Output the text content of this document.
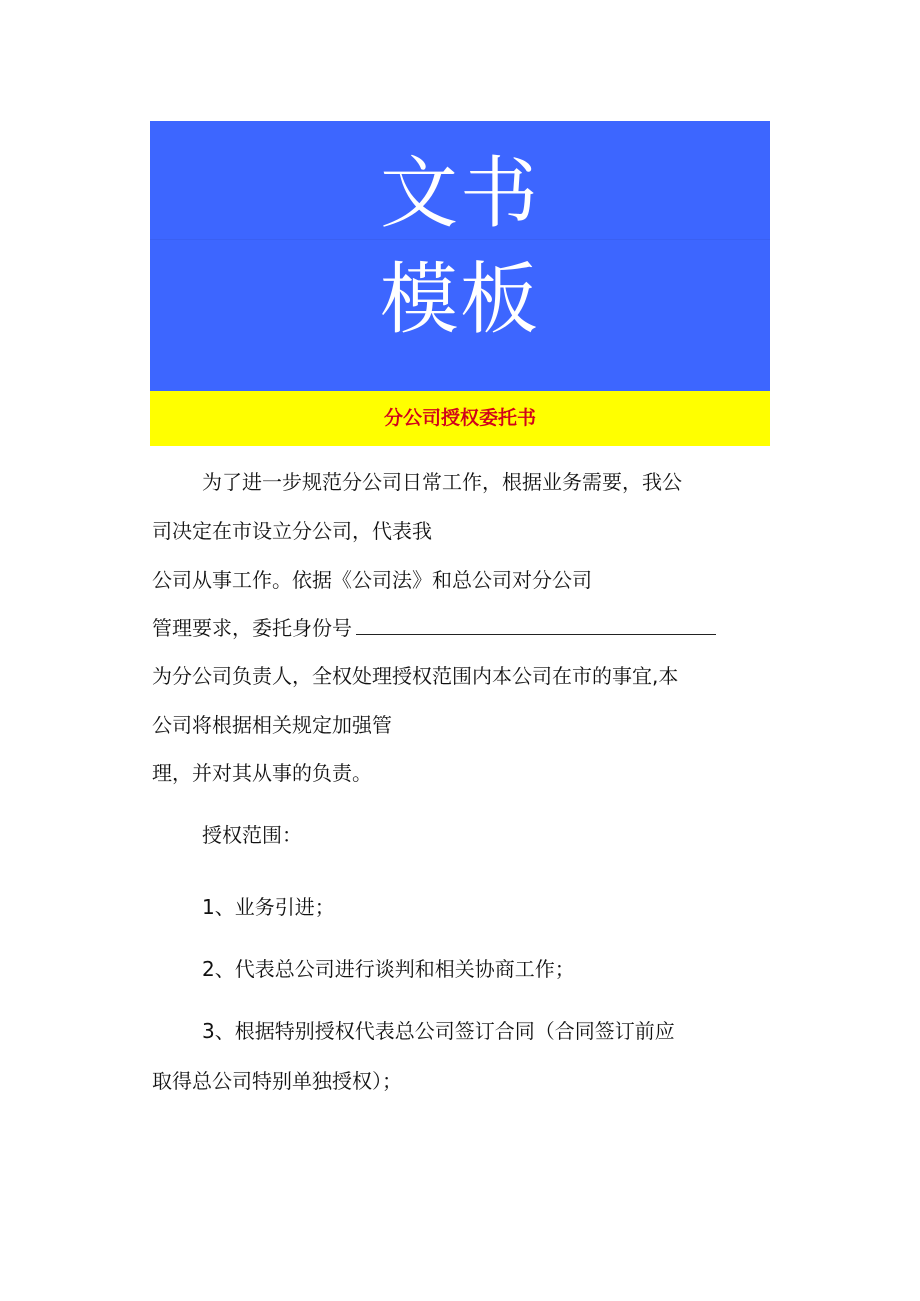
文书
模板
分公司授权委托书
为了进一步规范分公司日常工作，根据业务需要，我公
司决定在市设立分公司，代表我
公司从事工作。依据《公司法》和总公司对分公司
管理要求，委托身份号
为分公司负责人，全权处理授权范围内本公司在市的事宜,本
公司将根据相关规定加强管
理，并对其从事的负责。
授权范围：
1、业务引进；
2、代表总公司进行谈判和相关协商工作；
3、根据特别授权代表总公司签订合同（合同签订前应
取得总公司特别单独授权）；
